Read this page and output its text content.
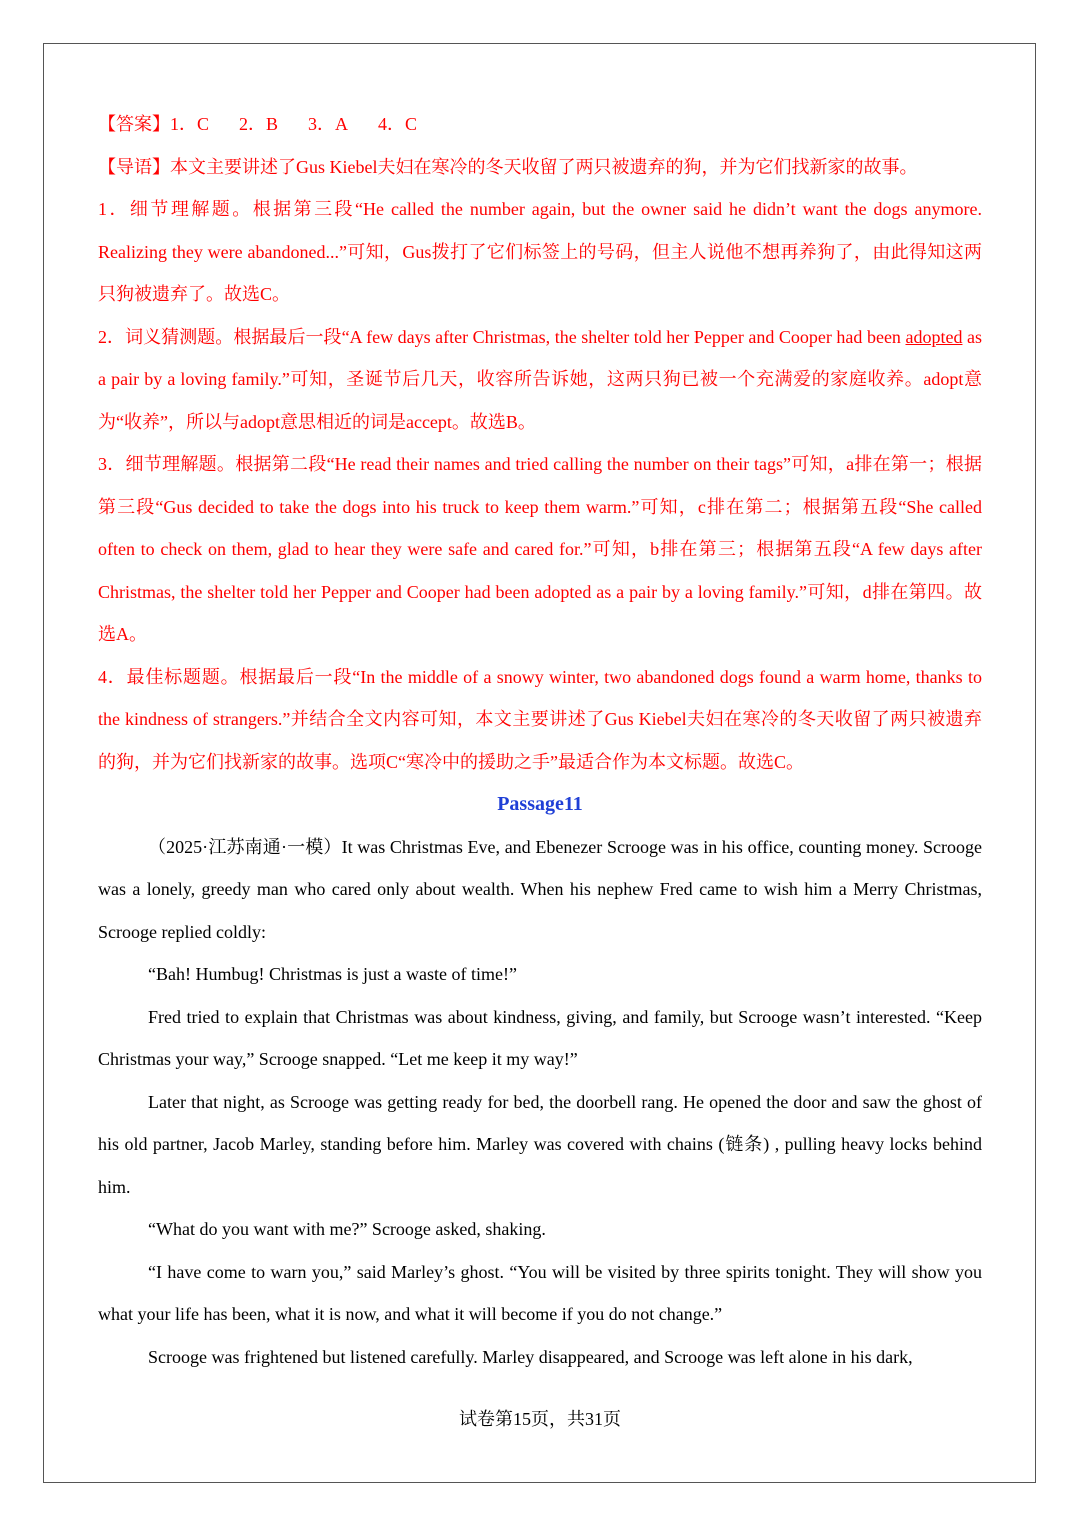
【答案】1．C 2．B 3．A 4．C

【导语】本文主要讲述了Gus Kiebel夫妇在寒冷的冬天收留了两只被遗弃的狗，并为它们找新家的故事。

1．细节理解题。根据第三段“He called the number again, but the owner said he didn’t want the dogs anymore. Realizing they were abandoned...”可知，Gus拨打了它们标签上的号码，但主人说他不想再养狗了，由此得知这两只狗被遗弃了。故选C。

2．词义猜测题。根据最后一段“A few days after Christmas, the shelter told her Pepper and Cooper had been adopted as a pair by a loving family.”可知，圣诞节后几天，收容所告诉她，这两只狗已被一个充满爱的家庭收养。adopt意为“收养”，所以与adopt意思相近的词是accept。故选B。

3．细节理解题。根据第二段“He read their names and tried calling the number on their tags”可知，a排在第一；根据第三段“Gus decided to take the dogs into his truck to keep them warm.”可知，c排在第二；根据第五段“She called often to check on them, glad to hear they were safe and cared for.”可知，b排在第三；根据第五段“A few days after Christmas, the shelter told her Pepper and Cooper had been adopted as a pair by a loving family.”可知，d排在第四。故选A。

4．最佳标题题。根据最后一段“In the middle of a snowy winter, two abandoned dogs found a warm home, thanks to the kindness of strangers.”并结合全文内容可知，本文主要讲述了Gus Kiebel夫妇在寒冷的冬天收留了两只被遗弃的狗，并为它们找新家的故事。选项C“寒冷中的援助之手”最适合作为本文标题。故选C。

Passage11

（2025·江苏南通·一模）It was Christmas Eve, and Ebenezer Scrooge was in his office, counting money. Scrooge was a lonely, greedy man who cared only about wealth. When his nephew Fred came to wish him a Merry Christmas, Scrooge replied coldly:

“Bah! Humbug! Christmas is just a waste of time!”

Fred tried to explain that Christmas was about kindness, giving, and family, but Scrooge wasn’t interested. “Keep Christmas your way,” Scrooge snapped. “Let me keep it my way!”

Later that night, as Scrooge was getting ready for bed, the doorbell rang. He opened the door and saw the ghost of his old partner, Jacob Marley, standing before him. Marley was covered with chains (链条) , pulling heavy locks behind him.

“What do you want with me?” Scrooge asked, shaking.

“I have come to warn you,” said Marley’s ghost. “You will be visited by three spirits tonight. They will show you what your life has been, what it is now, and what it will become if you do not change.”

Scrooge was frightened but listened carefully. Marley disappeared, and Scrooge was left alone in his dark,

试卷第15页，共31页
